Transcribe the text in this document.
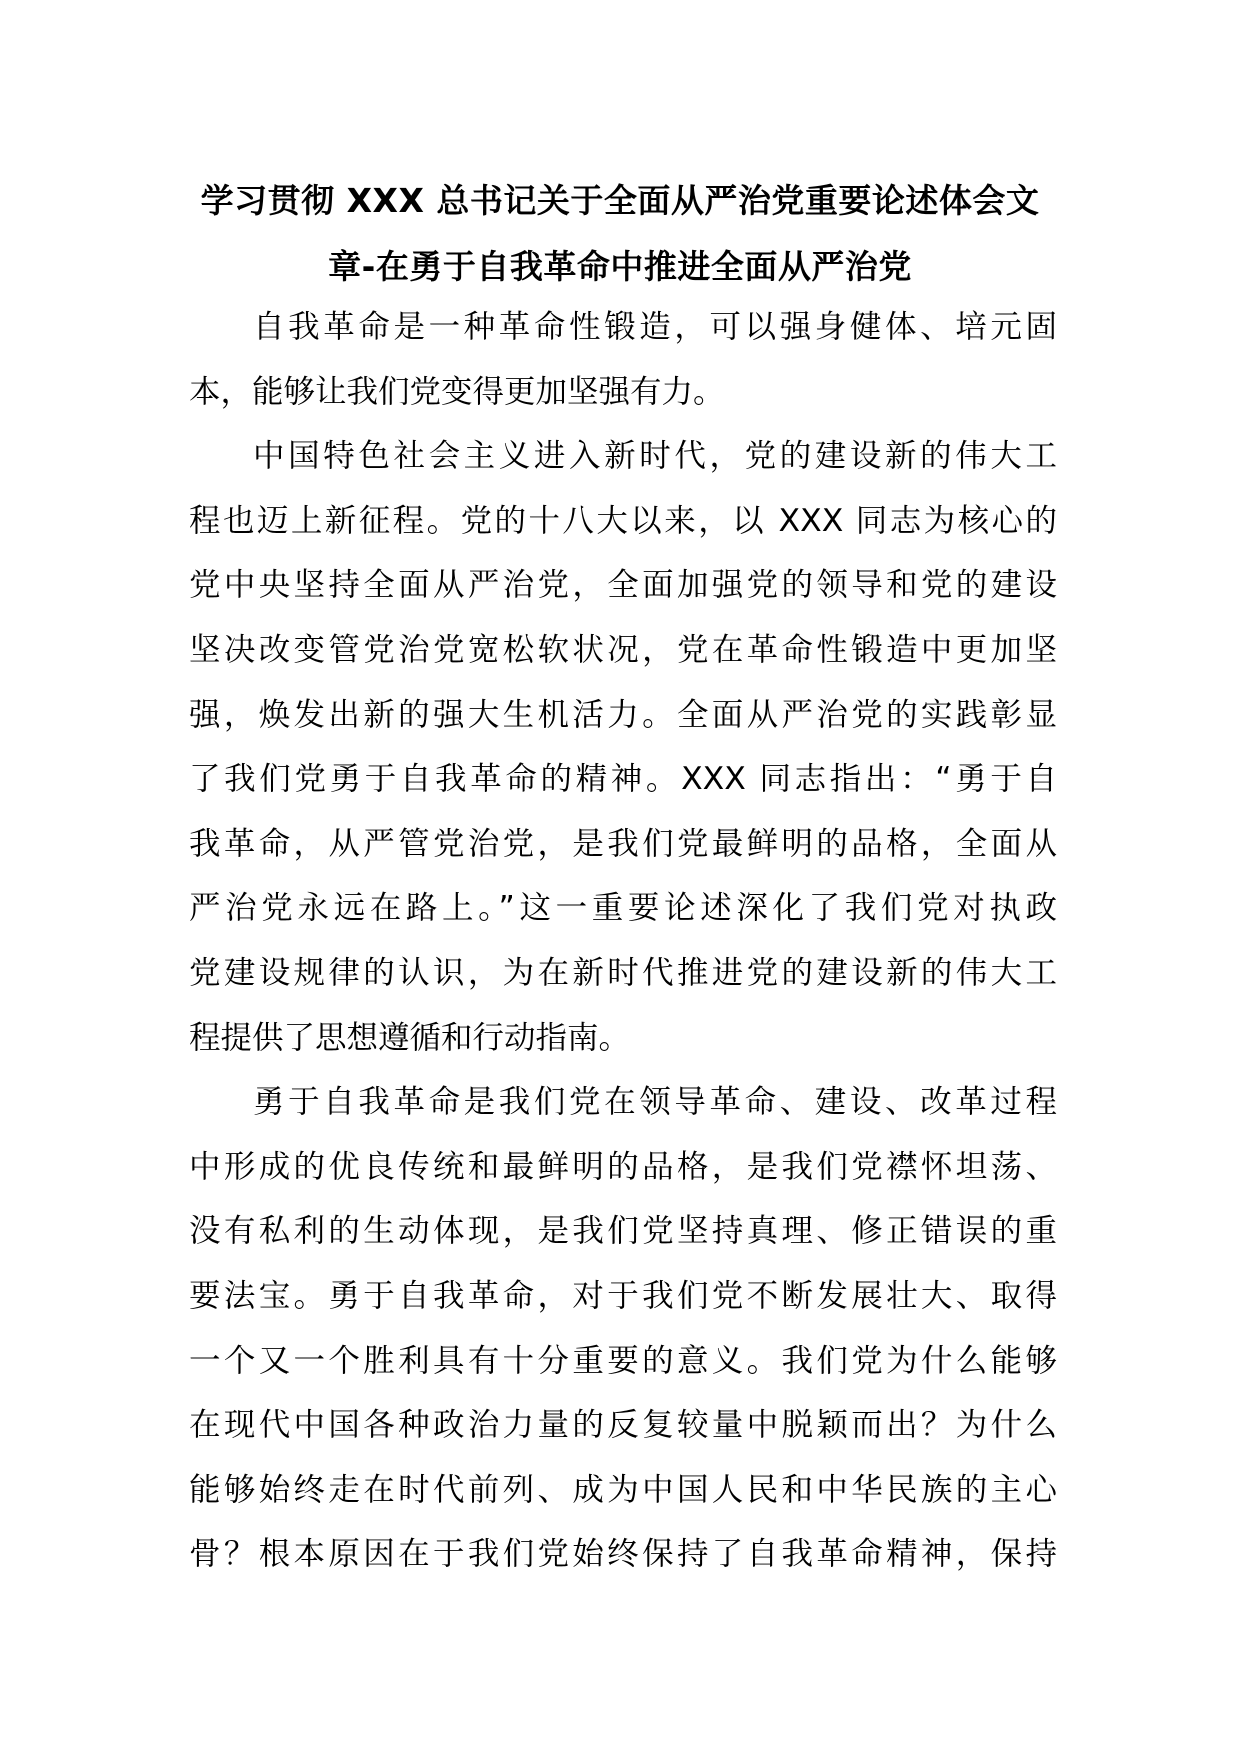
学习贯彻 XXX 总书记关于全面从严治党重要论述体会文
章-在勇于自我革命中推进全面从严治党
自我革命是一种革命性锻造，可以强身健体、培元固
本，能够让我们党变得更加坚强有力。
中国特色社会主义进入新时代，党的建设新的伟大工
程也迈上新征程。党的十八大以来，以 XXX 同志为核心的
党中央坚持全面从严治党，全面加强党的领导和党的建设
坚决改变管党治党宽松软状况，党在革命性锻造中更加坚
强，焕发出新的强大生机活力。全面从严治党的实践彰显
了我们党勇于自我革命的精神。XXX 同志指出：“勇于自
我革命，从严管党治党，是我们党最鲜明的品格，全面从
严治党永远在路上。”这一重要论述深化了我们党对执政
党建设规律的认识，为在新时代推进党的建设新的伟大工
程提供了思想遵循和行动指南。
勇于自我革命是我们党在领导革命、建设、改革过程
中形成的优良传统和最鲜明的品格，是我们党襟怀坦荡、
没有私利的生动体现，是我们党坚持真理、修正错误的重
要法宝。勇于自我革命，对于我们党不断发展壮大、取得
一个又一个胜利具有十分重要的意义。我们党为什么能够
在现代中国各种政治力量的反复较量中脱颖而出？为什么
能够始终走在时代前列、成为中国人民和中华民族的主心
骨？根本原因在于我们党始终保持了自我革命精神，保持
